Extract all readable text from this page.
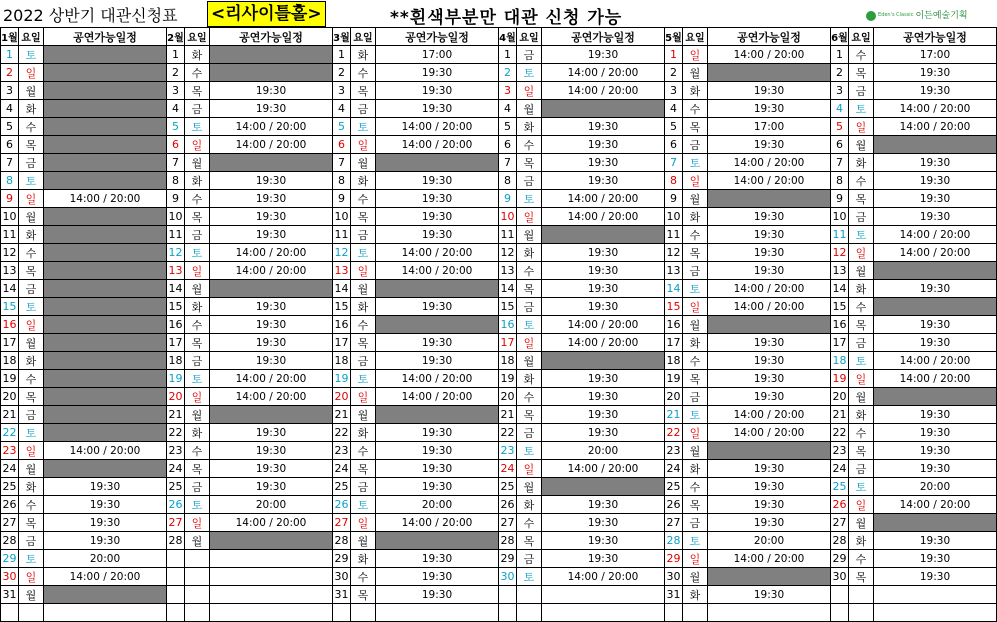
2022 상반기 대관신청표 <리사이틀홀>	**흰색부분만 대관 신청 가능	Eden's Classic 이든예술기획
1월	요일	공연가능일정
1	토	
2	일	
3	월	
4	화	
5	수	
6	목	
7	금	
8	토	
9	일	14:00 / 20:00
10	월	
11	화	
12	수	
13	목	
14	금	
15	토	
16	일	
17	월	
18	화	
19	수	
20	목	
21	금	
22	토	
23	일	14:00 / 20:00
24	월	
25	화	19:30
26	수	19:30
27	목	19:30
28	금	19:30
29	토	20:00
30	일	14:00 / 20:00
31	월	

2월	요일	공연가능일정
1	화	
2	수	
3	목	19:30
4	금	19:30
5	토	14:00 / 20:00
6	일	14:00 / 20:00
7	월	
8	화	19:30
9	수	19:30
10	목	19:30
11	금	19:30
12	토	14:00 / 20:00
13	일	14:00 / 20:00
14	월	
15	화	19:30
16	수	19:30
17	목	19:30
18	금	19:30
19	토	14:00 / 20:00
20	일	14:00 / 20:00
21	월	
22	화	19:30
23	수	19:30
24	목	19:30
25	금	19:30
26	토	20:00
27	일	14:00 / 20:00
28	월	

3월	요일	공연가능일정
1	화	17:00
2	수	19:30
3	목	19:30
4	금	19:30
5	토	14:00 / 20:00
6	일	14:00 / 20:00
7	월	
8	화	19:30
9	수	19:30
10	목	19:30
11	금	19:30
12	토	14:00 / 20:00
13	일	14:00 / 20:00
14	월	
15	화	19:30
16	수	
17	목	19:30
18	금	19:30
19	토	14:00 / 20:00
20	일	14:00 / 20:00
21	월	
22	화	19:30
23	수	19:30
24	목	19:30
25	금	19:30
26	토	20:00
27	일	14:00 / 20:00
28	월	
29	화	19:30
30	수	19:30
31	목	19:30

4월	요일	공연가능일정
1	금	19:30
2	토	14:00 / 20:00
3	일	14:00 / 20:00
4	월	
5	화	19:30
6	수	19:30
7	목	19:30
8	금	19:30
9	토	14:00 / 20:00
10	일	14:00 / 20:00
11	월	
12	화	19:30
13	수	19:30
14	목	19:30
15	금	19:30
16	토	14:00 / 20:00
17	일	14:00 / 20:00
18	월	
19	화	19:30
20	수	19:30
21	목	19:30
22	금	19:30
23	토	20:00
24	일	14:00 / 20:00
25	월	
26	화	19:30
27	수	19:30
28	목	19:30
29	금	19:30
30	토	14:00 / 20:00

5월	요일	공연가능일정
1	일	14:00 / 20:00
2	월	
3	화	19:30
4	수	19:30
5	목	17:00
6	금	19:30
7	토	14:00 / 20:00
8	일	14:00 / 20:00
9	월	
10	화	19:30
11	수	19:30
12	목	19:30
13	금	19:30
14	토	14:00 / 20:00
15	일	14:00 / 20:00
16	월	
17	화	19:30
18	수	19:30
19	목	19:30
20	금	19:30
21	토	14:00 / 20:00
22	일	14:00 / 20:00
23	월	
24	화	19:30
25	수	19:30
26	목	19:30
27	금	19:30
28	토	20:00
29	일	14:00 / 20:00
30	월	
31	화	19:30

6월	요일	공연가능일정
1	수	17:00
2	목	19:30
3	금	19:30
4	토	14:00 / 20:00
5	일	14:00 / 20:00
6	월	
7	화	19:30
8	수	19:30
9	목	19:30
10	금	19:30
11	토	14:00 / 20:00
12	일	14:00 / 20:00
13	월	
14	화	19:30
15	수	
16	목	19:30
17	금	19:30
18	토	14:00 / 20:00
19	일	14:00 / 20:00
20	월	
21	화	19:30
22	수	19:30
23	목	19:30
24	금	19:30
25	토	20:00
26	일	14:00 / 20:00
27	월	
28	화	19:30
29	수	19:30
30	목	19:30
